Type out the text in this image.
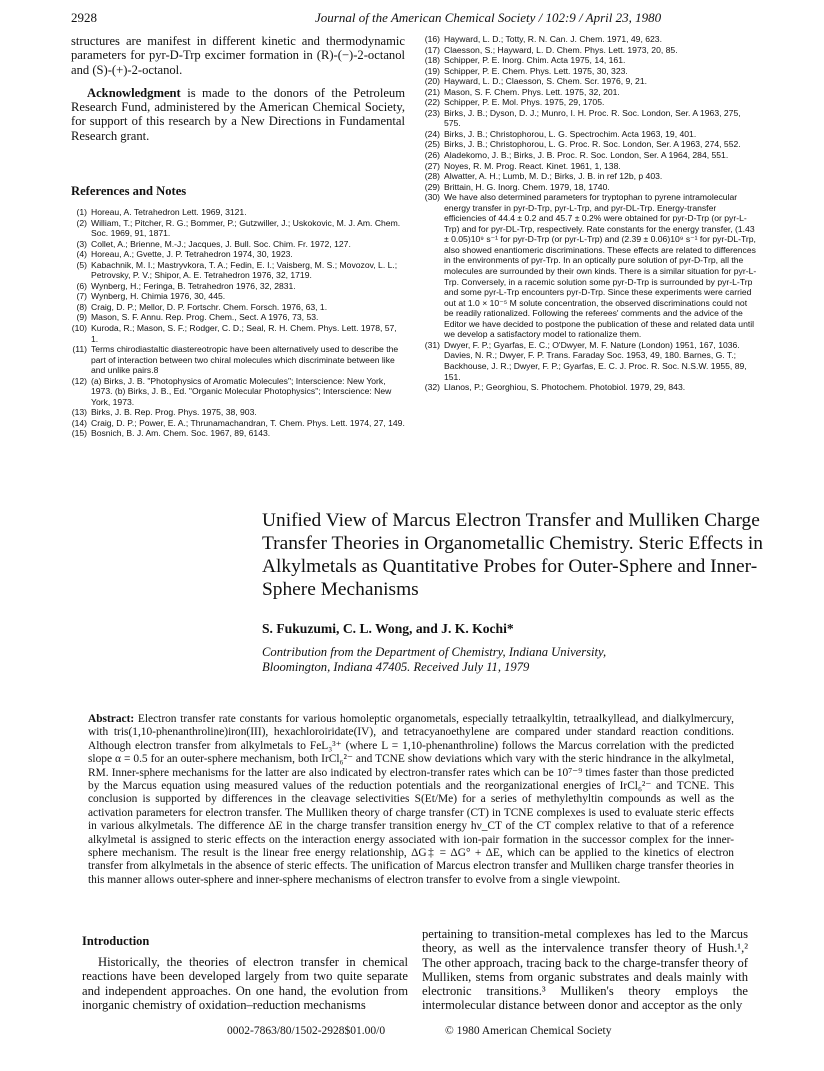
2928	Journal of the American Chemical Society / 102:9 / April 23, 1980

structures are manifest in different kinetic and thermodynamic parameters for pyr-D-Trp excimer formation in (R)-(−)-2-octanol and (S)-(+)-2-octanol.

Acknowledgment is made to the donors of the Petroleum Research Fund, administered by the American Chemical Society, for support of this research by a New Directions in Fundamental Research grant.

References and Notes
(1) Horeau, A. Tetrahedron Lett. 1969, 3121.
(2) William, T.; Pitcher, R. G.; Bommer, P.; Gutzwiller, J.; Uskokovic, M. J. Am. Chem. Soc. 1969, 91, 1871.
(3) Collet, A.; Brienne, M.-J.; Jacques, J. Bull. Soc. Chim. Fr. 1972, 127.
(4) Horeau, A.; Gvette, J. P. Tetrahedron 1974, 30, 1923.
(5) Kabachnik, M. I.; Mastryvkora, T. A.; Fedin, E. I.; Vaisberg, M. S.; Movozov, L. L.; Petrovsky, P. V.; Shipor, A. E. Tetrahedron 1976, 32, 1719.
(6) Wynberg, H.; Feringa, B. Tetrahedron 1976, 32, 2831.
(7) Wynberg, H. Chimia 1976, 30, 445.
(8) Craig, D. P.; Mellor, D. P. Fortschr. Chem. Forsch. 1976, 63, 1.
(9) Mason, S. F. Annu. Rep. Prog. Chem., Sect. A 1976, 73, 53.
(10) Kuroda, R.; Mason, S. F.; Rodger, C. D.; Seal, R. H. Chem. Phys. Lett. 1978, 57, 1.
(11) Terms chirodiastaltic diastereotropic have been alternatively used to describe the part of interaction between two chiral molecules which discriminate between like and unlike pairs.8
(12) (a) Birks, J. B. "Photophysics of Aromatic Molecules"; Interscience: New York, 1973. (b) Birks, J. B., Ed. "Organic Molecular Photophysics"; Interscience: New York, 1973.
(13) Birks, J. B. Rep. Prog. Phys. 1975, 38, 903.
(14) Craig, D. P.; Power, E. A.; Thrunamachandran, T. Chem. Phys. Lett. 1974, 27, 149.
(15) Bosnich, B. J. Am. Chem. Soc. 1967, 89, 6143.
(16) Hayward, L. D.; Totty, R. N. Can. J. Chem. 1971, 49, 623.
(17) Claesson, S.; Hayward, L. D. Chem. Phys. Lett. 1973, 20, 85.
(18) Schipper, P. E. Inorg. Chim. Acta 1975, 14, 161.
(19) Schipper, P. E. Chem. Phys. Lett. 1975, 30, 323.
(20) Hayward, L. D.; Claesson, S. Chem. Scr. 1976, 9, 21.
(21) Mason, S. F. Chem. Phys. Lett. 1975, 32, 201.
(22) Schipper, P. E. Mol. Phys. 1975, 29, 1705.
(23) Birks, J. B.; Dyson, D. J.; Munro, I. H. Proc. R. Soc. London, Ser. A 1963, 275, 575.
(24) Birks, J. B.; Christophorou, L. G. Spectrochim. Acta 1963, 19, 401.
(25) Birks, J. B.; Christophorou, L. G. Proc. R. Soc. London, Ser. A 1963, 274, 552.
(26) Aladekomo, J. B.; Birks, J. B. Proc. R. Soc. London, Ser. A 1964, 284, 551.
(27) Noyes, R. M. Prog. React. Kinet. 1961, 1, 138.
(28) Alwatter, A. H.; Lumb, M. D.; Birks, J. B. in ref 12b, p 403.
(29) Brittain, H. G. Inorg. Chem. 1979, 18, 1740.
(30) We have also determined parameters for tryptophan to pyrene intramolecular energy transfer in pyr-D-Trp, pyr-L-Trp, and pyr-DL-Trp. Energy-transfer efficiencies of 44.4 ± 0.2 and 45.7 ± 0.2% were obtained for pyr-D-Trp (or pyr-L-Trp) and for pyr-DL-Trp, respectively. Rate constants for the energy transfer, (1.43 ± 0.05)10⁹ s⁻¹ for pyr-D-Trp (or pyr-L-Trp) and (2.39 ± 0.06)10⁹ s⁻¹ for pyr-DL-Trp, also showed enantiomeric discriminations. These effects are related to differences in the environments of pyr-Trp. In an optically pure solution of pyr-D-Trp, all the molecules are surrounded by their own kinds. There is a similar situation for pyr-L-Trp. Conversely, in a racemic solution some pyr-D-Trp is surrounded by pyr-L-Trp and some pyr-L-Trp encounters pyr-D-Trp. Since these experiments were carried out at 1.0 × 10⁻⁵ M solute concentration, the observed discriminations could not be readily rationalized. Following the referees' comments and the advice of the Editor we have decided to postpone the publication of these and related data until we develop a satisfactory model to rationalize them.
(31) Dwyer, F. P.; Gyarfas, E. C.; O'Dwyer, M. F. Nature (London) 1951, 167, 1036. Davies, N. R.; Dwyer, F. P. Trans. Faraday Soc. 1953, 49, 180. Barnes, G. T.; Backhouse, J. R.; Dwyer, F. P.; Gyarfas, E. C. J. Proc. R. Soc. N.S.W. 1955, 89, 151.
(32) Llanos, P.; Georghiou, S. Photochem. Photobiol. 1979, 29, 843.
Unified View of Marcus Electron Transfer and Mulliken Charge Transfer Theories in Organometallic Chemistry. Steric Effects in Alkylmetals as Quantitative Probes for Outer-Sphere and Inner-Sphere Mechanisms
S. Fukuzumi, C. L. Wong, and J. K. Kochi*
Contribution from the Department of Chemistry, Indiana University,
Bloomington, Indiana 47405. Received July 11, 1979
Abstract: Electron transfer rate constants for various homoleptic organometals, especially tetraalkyltin, tetraalkyllead, and dialkylmercury, with tris(1,10-phenanthroline)iron(III), hexachloroiridate(IV), and tetracyanoethylene are compared under standard reaction conditions. Although electron transfer from alkylmetals to FeL₃³⁺ (where L = 1,10-phenanthroline) follows the Marcus correlation with the predicted slope α = 0.5 for an outer-sphere mechanism, both IrCl₆²⁻ and TCNE show deviations which vary with the steric hindrance in the alkylmetal, RM. Inner-sphere mechanisms for the latter are also indicated by electron-transfer rates which can be 10⁷⁻⁹ times faster than those predicted by the Marcus equation using measured values of the reduction potentials and the reorganizational energies of IrCl₆²⁻ and TCNE. This conclusion is supported by differences in the cleavage selectivities S(Et/Me) for a series of methylethyltin compounds as well as the activation parameters for electron transfer. The Mulliken theory of charge transfer (CT) in TCNE complexes is used to evaluate steric effects in various alkylmetals. The difference ΔE in the charge transfer transition energy hν_CT of the CT complex relative to that of a reference alkylmetal is assigned to steric effects on the interaction energy associated with ion-pair formation in the successor complex for the inner-sphere mechanism. The result is the linear free energy relationship, ΔG‡ = ΔG° + ΔE, which can be applied to the kinetics of electron transfer from alkylmetals in the absence of steric effects. The unification of Marcus electron transfer and Mulliken charge transfer theories in this manner allows outer-sphere and inner-sphere mechanisms of electron transfer to evolve from a single viewpoint.
Introduction
Historically, the theories of electron transfer in chemical reactions have been developed largely from two quite separate and independent approaches. On one hand, the evolution from inorganic chemistry of oxidation–reduction mechanisms
pertaining to transition-metal complexes has led to the Marcus theory, as well as the intervalence transfer theory of Hush.¹,² The other approach, tracing back to the charge-transfer theory of Mulliken, stems from organic substrates and deals mainly with electronic transitions.³ Mulliken's theory employs the intermolecular distance between donor and acceptor as the only
0002-7863/80/1502-2928$01.00/0	© 1980 American Chemical Society
